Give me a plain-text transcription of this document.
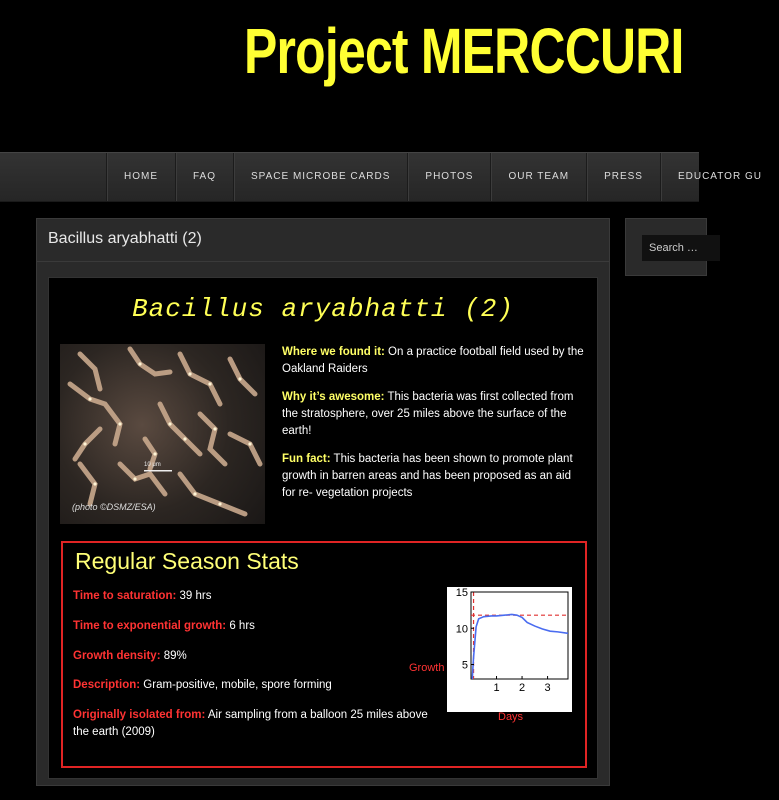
Project MERCCURI
HOME	FAQ	SPACE MICROBE CARDS	PHOTOS	OUR TEAM	PRESS	EDUCATOR GU
Bacillus aryabhatti (2)
Bacillus aryabhatti (2)
10 μm
(photo ©DSMZ/ESA)

Where we found it: On a practice football field used by the Oakland Raiders

Why it’s awesome: This bacteria was first collected from the stratosphere, over 25 miles above the surface of the earth!

Fun fact: This bacteria has been shown to promote plant growth in barren areas and has been proposed as an aid for re- vegetation projects

Regular Season Stats
Time to saturation: 39 hrs
Time to exponential growth: 6 hrs
Growth density: 89%
Description: Gram-positive, mobile, spore forming
Originally isolated from: Air sampling from a balloon 25 miles above the earth (2009)
Growth
1 2 3
5
10
15
Days
Search …
